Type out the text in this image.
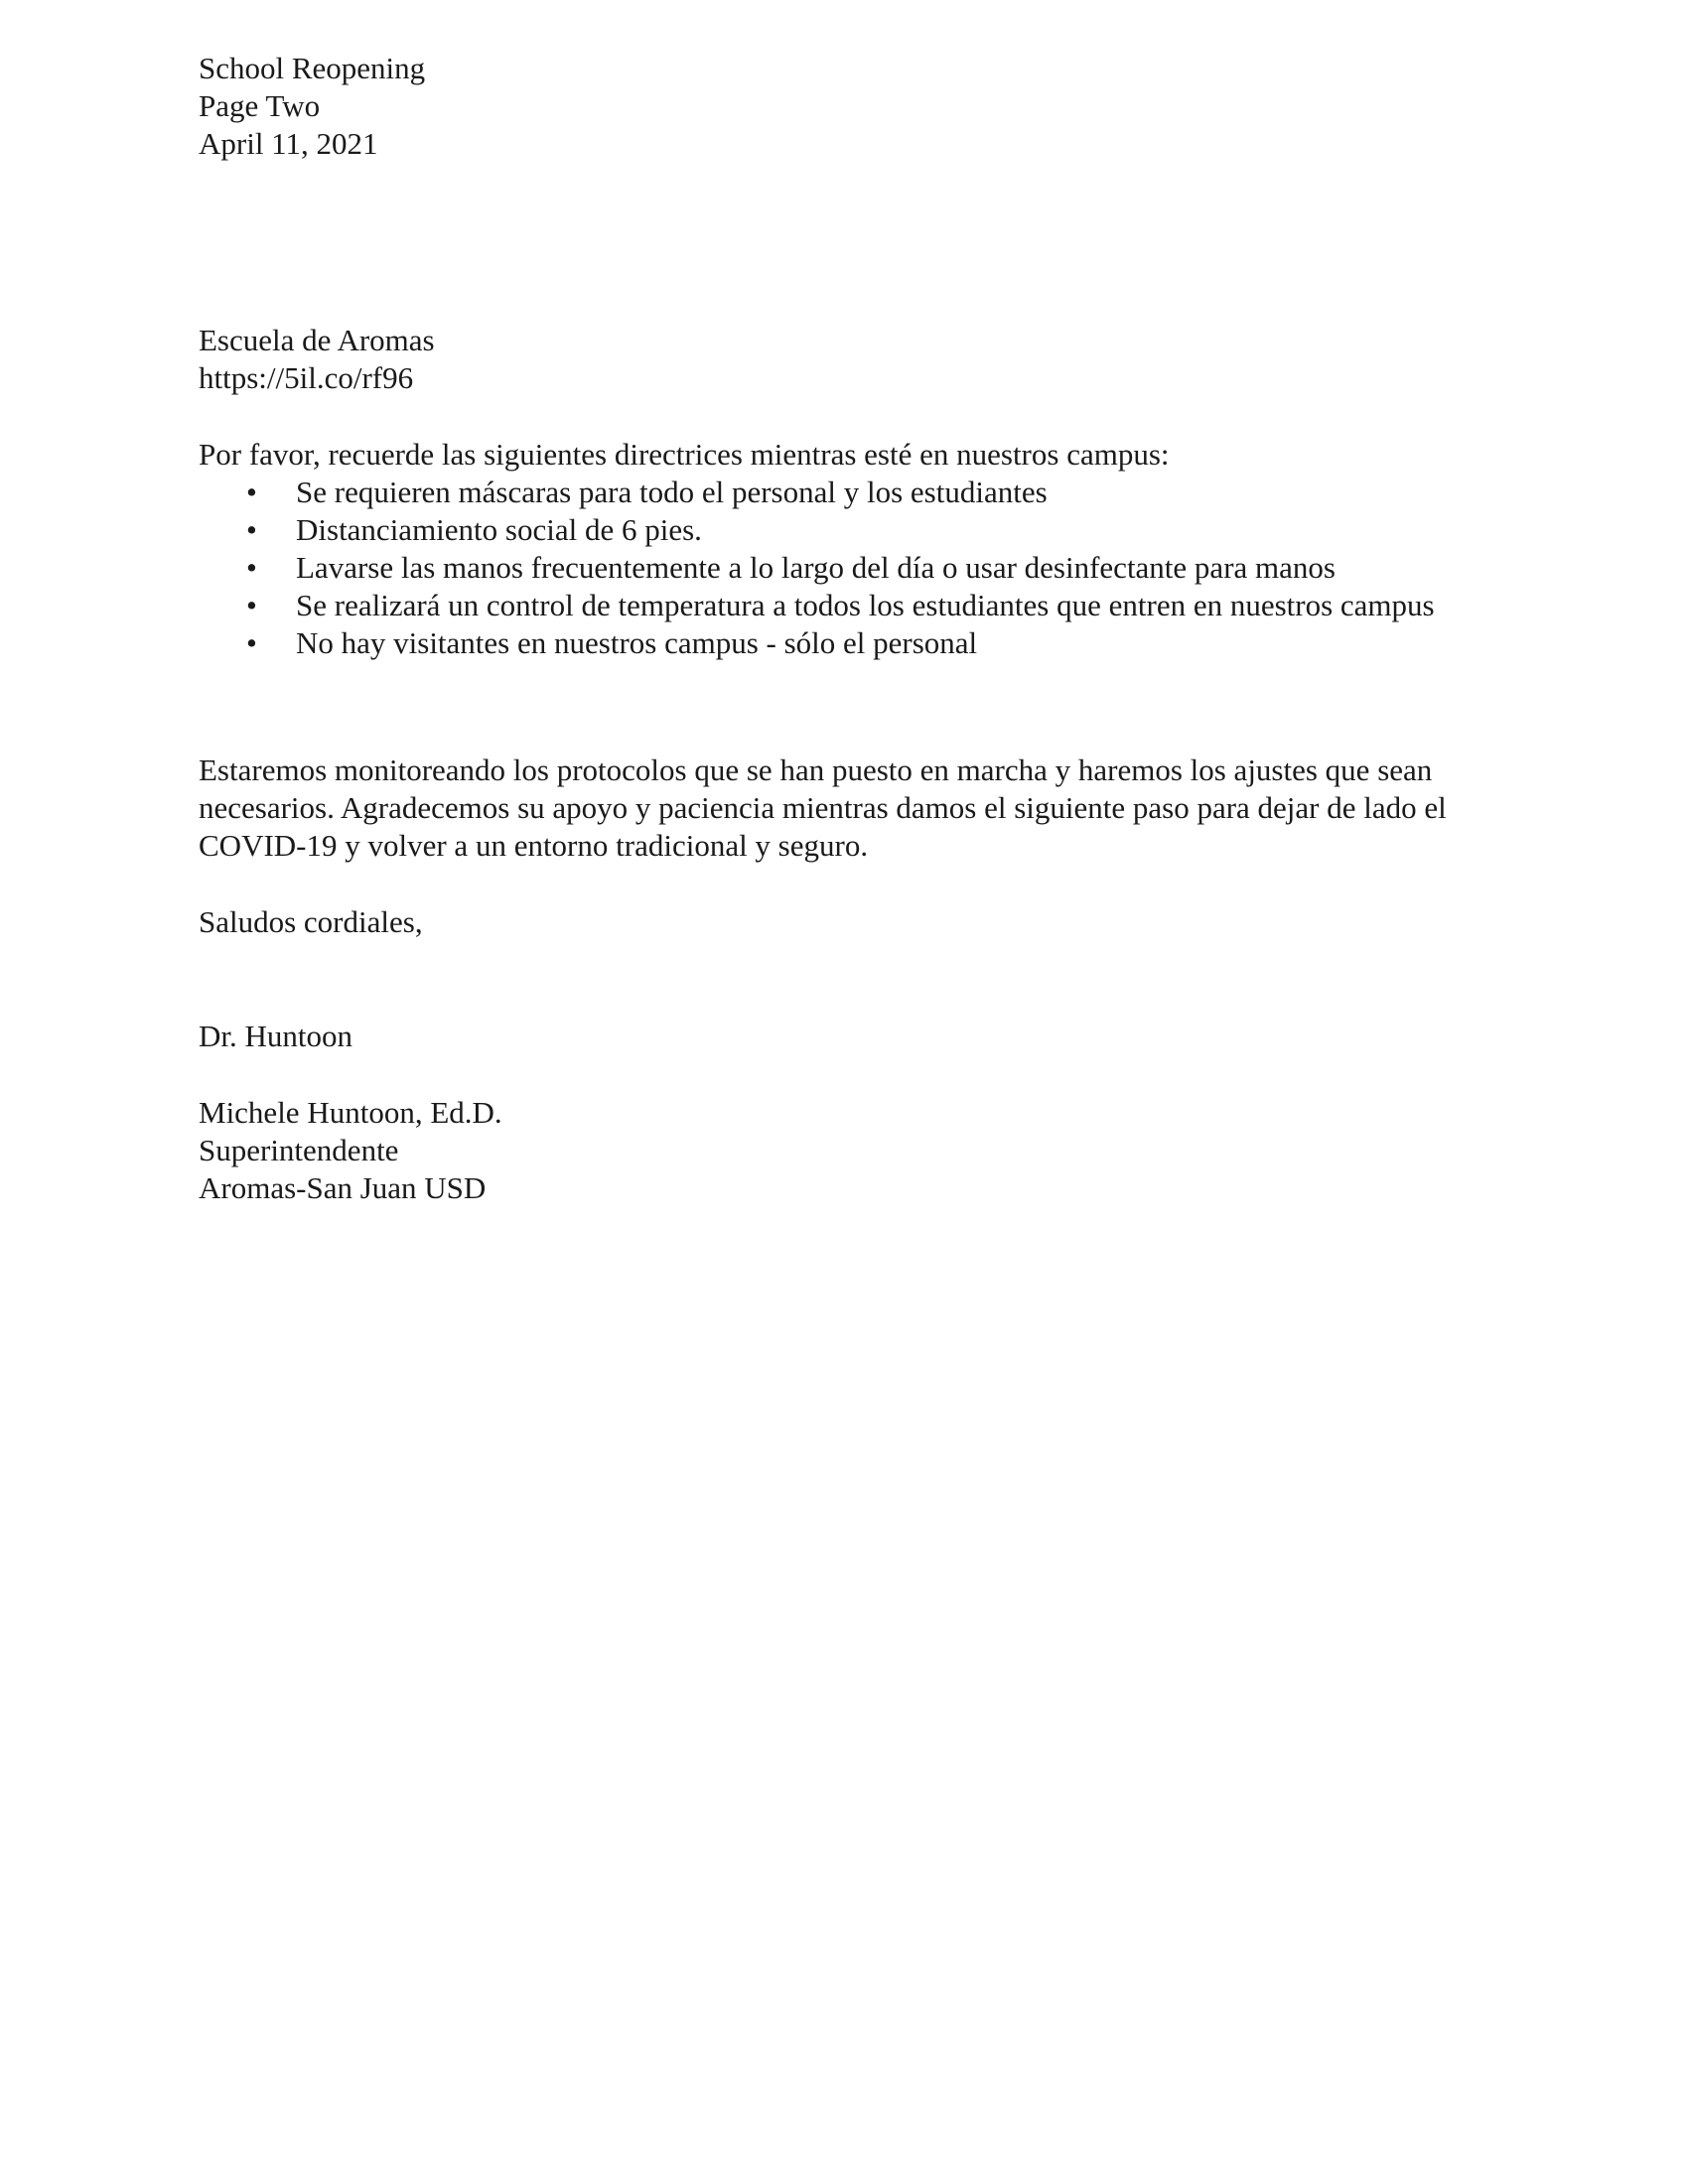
School Reopening
Page Two
April 11, 2021
Escuela de Aromas
https://5il.co/rf96
Por favor, recuerde las siguientes directrices mientras esté en nuestros campus:
• Se requieren máscaras para todo el personal y los estudiantes
• Distanciamiento social de 6 pies.
• Lavarse las manos frecuentemente a lo largo del día o usar desinfectante para manos
• Se realizará un control de temperatura a todos los estudiantes que entren en nuestros campus
• No hay visitantes en nuestros campus - sólo el personal
Estaremos monitoreando los protocolos que se han puesto en marcha y haremos los ajustes que sean necesarios. Agradecemos su apoyo y paciencia mientras damos el siguiente paso para dejar de lado el COVID-19 y volver a un entorno tradicional y seguro.
Saludos cordiales,
Dr. Huntoon
Michele Huntoon, Ed.D.
Superintendente
Aromas-San Juan USD
